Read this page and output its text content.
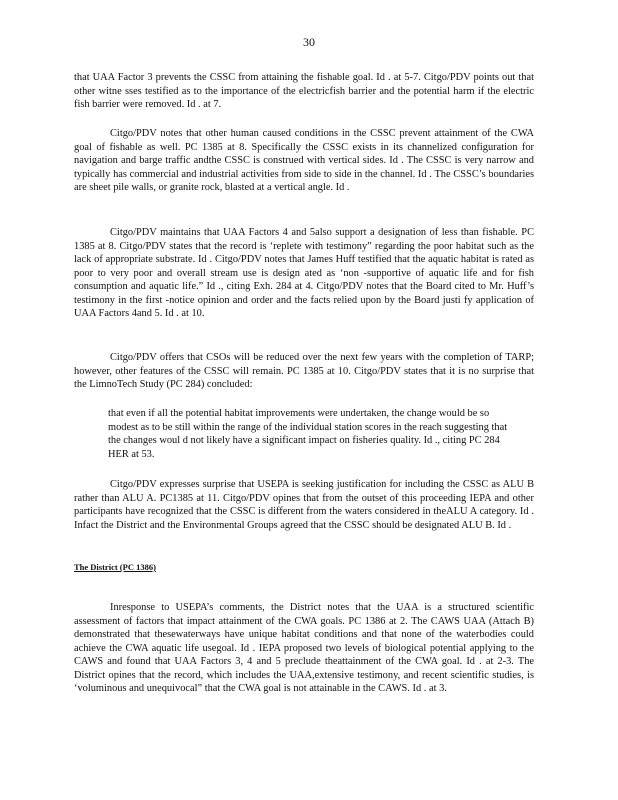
30

that UAA Factor 3 prevents the CSSC from attaining the fishable goal. Id . at 5-7. Citgo/PDV points out that other witne sses testified as to the importance of the electricfish barrier and the potential harm if the electric fish barrier were removed. Id . at 7.

Citgo/PDV notes that other human caused conditions in the CSSC prevent attainment of the CWA goal of fishable as well. PC 1385 at 8. Specifically the CSSC exists in its channelized configuration for navigation and barge traffic andthe CSSC is construed with vertical sides. Id . The CSSC is very narrow and typically has commercial and industrial activities from side to side in the channel. Id . The CSSC’s boundaries are sheet pile walls, or granite rock, blasted at a vertical angle. Id .

Citgo/PDV maintains that UAA Factors 4 and 5also support a designation of less than fishable. PC 1385 at 8. Citgo/PDV states that the record is ‘replete with testimony” regarding the poor habitat such as the lack of appropriate substrate. Id . Citgo/PDV notes that James Huff testified that the aquatic habitat is rated as poor to very poor and overall stream use is design ated as ‘non -supportive of aquatic life and for fish consumption and aquatic life.” Id ., citing Exh. 284 at 4. Citgo/PDV notes that the Board cited to Mr. Huff’s testimony in the first -notice opinion and order and the facts relied upon by the Board justi fy application of UAA Factors 4and 5. Id . at 10.

Citgo/PDV offers that CSOs will be reduced over the next few years with the completion of TARP; however, other features of the CSSC will remain. PC 1385 at 10. Citgo/PDV states that it is no surprise that the LimnoTech Study (PC 284) concluded:

that even if all the potential habitat improvements were undertaken, the change would be so modest as to be still within the range of the individual station scores in the reach suggesting that the changes woul d not likely have a significant impact on fisheries quality. Id ., citing PC 284 HER at 53.

Citgo/PDV expresses surprise that USEPA is seeking justification for including the CSSC as ALU B rather than ALU A. PC1385 at 11. Citgo/PDV opines that from the outset of this proceeding IEPA and other participants have recognized that the CSSC is different from the waters considered in theALU A category. Id . Infact the District and the Environmental Groups agreed that the CSSC should be designated ALU B. Id .

The District (PC 1386)

Inresponse to USEPA’s comments, the District notes that the UAA is a structured scientific assessment of factors that impact attainment of the CWA goals. PC 1386 at 2. The CAWS UAA (Attach B) demonstrated that thesewaterways have unique habitat conditions and that none of the waterbodies could achieve the CWA aquatic life usegoal. Id . IEPA proposed two levels of biological potential applying to the CAWS and found that UAA Factors 3, 4 and 5 preclude theattainment of the CWA goal. Id . at 2-3. The District opines that the record, which includes the UAA,extensive testimony, and recent scientific studies, is ‘voluminous and unequivocal” that the CWA goal is not attainable in the CAWS. Id . at 3.
